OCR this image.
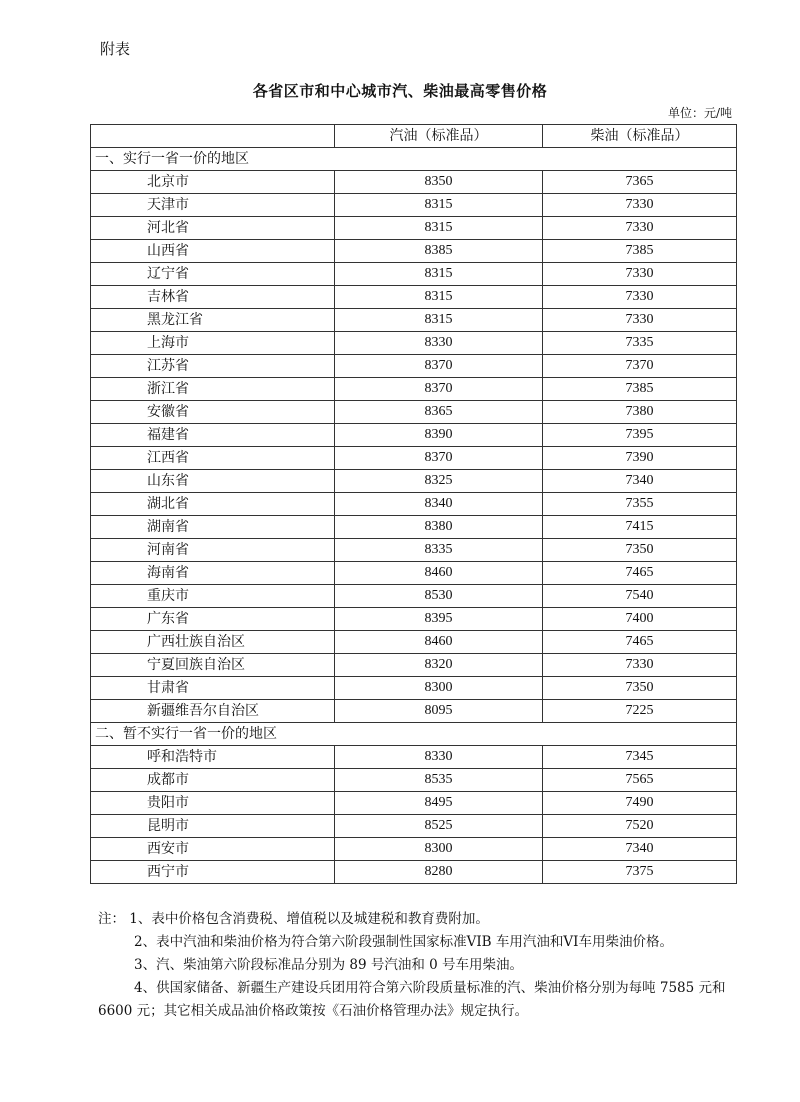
附表
各省区市和中心城市汽、柴油最高零售价格
单位：元/吨
	汽油（标准品）	柴油（标准品）
一、实行一省一价的地区		
北京市	8350	7365
天津市	8315	7330
河北省	8315	7330
山西省	8385	7385
辽宁省	8315	7330
吉林省	8315	7330
黑龙江省	8315	7330
上海市	8330	7335
江苏省	8370	7370
浙江省	8370	7385
安徽省	8365	7380
福建省	8390	7395
江西省	8370	7390
山东省	8325	7340
湖北省	8340	7355
湖南省	8380	7415
河南省	8335	7350
海南省	8460	7465
重庆市	8530	7540
广东省	8395	7400
广西壮族自治区	8460	7465
宁夏回族自治区	8320	7330
甘肃省	8300	7350
新疆维吾尔自治区	8095	7225
二、暂不实行一省一价的地区		
呼和浩特市	8330	7345
成都市	8535	7565
贵阳市	8495	7490
昆明市	8525	7520
西安市	8300	7340
西宁市	8280	7375

注： 1、表中价格包含消费税、增值税以及城建税和教育费附加。

2、表中汽油和柴油价格为符合第六阶段强制性国家标准VIB 车用汽油和VI车用柴油价格。

3、汽、柴油第六阶段标准品分别为 89 号汽油和 0 号车用柴油。

4、供国家储备、新疆生产建设兵团用符合第六阶段质量标准的汽、柴油价格分别为每吨 7585 元和 6600 元；其它相关成品油价格政策按《石油价格管理办法》规定执行。
